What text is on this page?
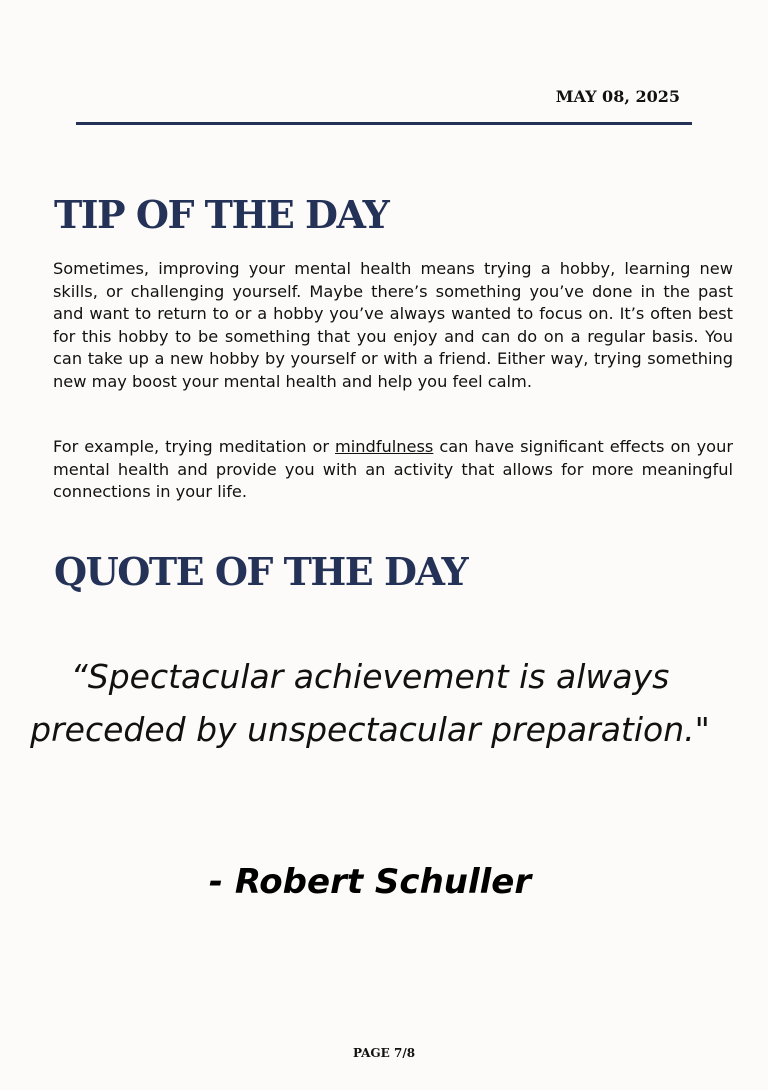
MAY 08, 2025
TIP OF THE DAY

Sometimes, improving your mental health means trying a hobby, learning new skills, or challenging yourself. Maybe there’s something you’ve done in the past and want to return to or a hobby you’ve always wanted to focus on. It’s often best for this hobby to be something that you enjoy and can do on a regular basis. You can take up a new hobby by yourself or with a friend. Either way, trying something new may boost your mental health and help you feel calm.

For example, trying meditation or mindfulness can have significant effects on your mental health and provide you with an activity that allows for more meaningful connections in your life.

QUOTE OF THE DAY

“Spectacular achievement is always preceded by unspectacular preparation."

- Robert Schuller

PAGE 7/8
